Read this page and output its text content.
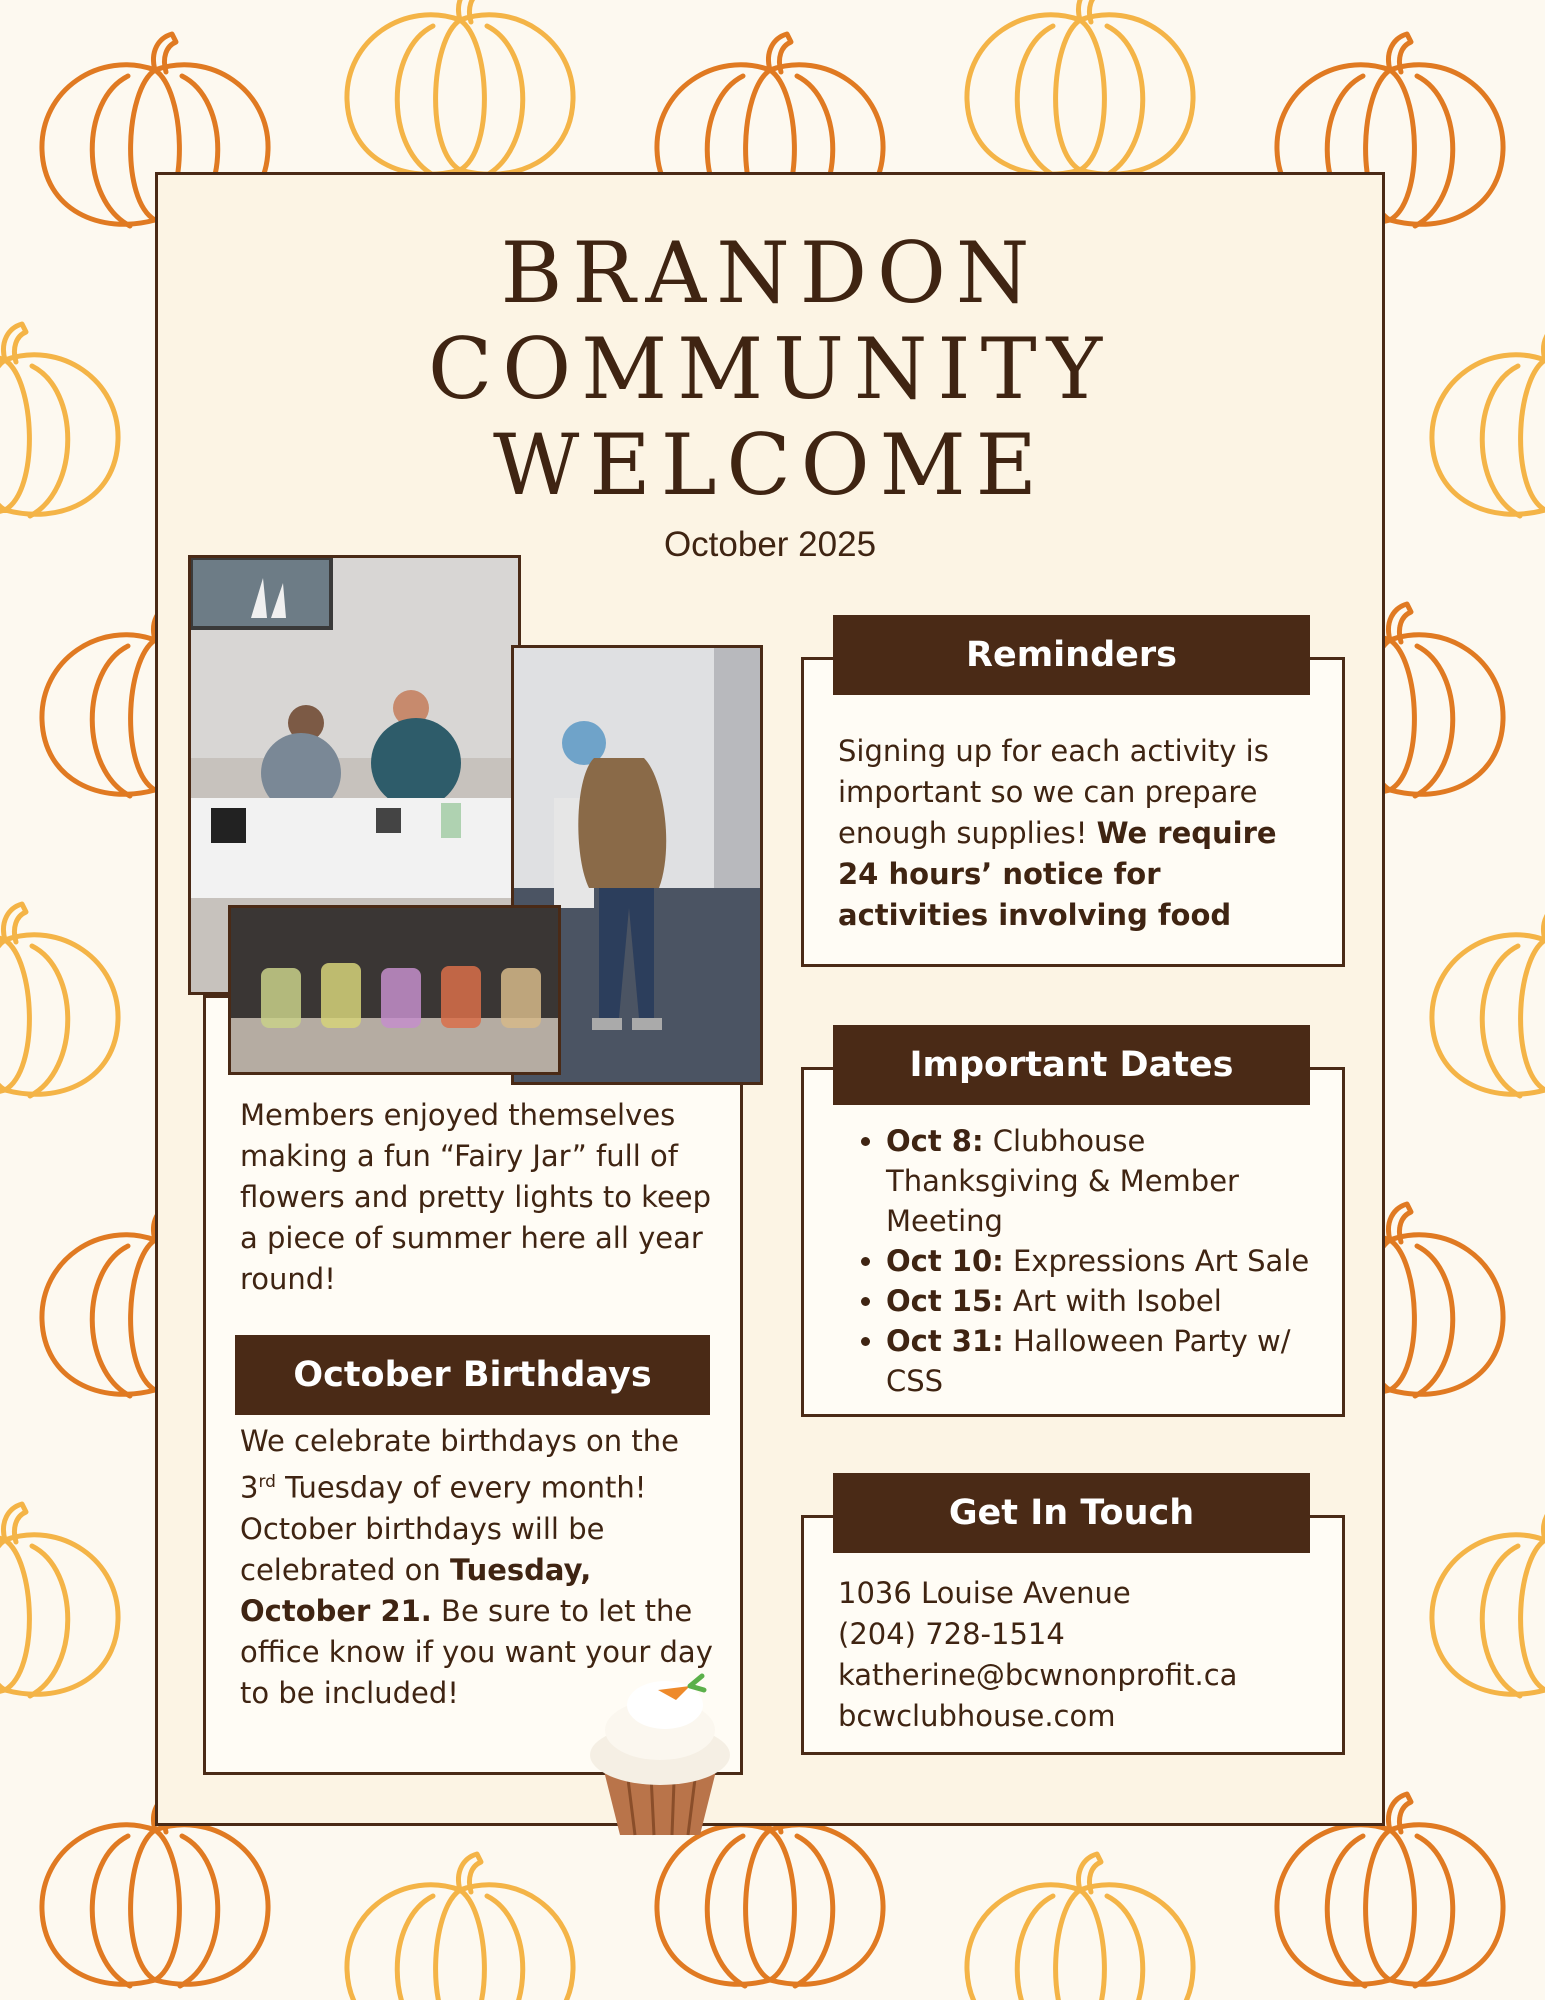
BRANDON
COMMUNITY
WELCOME
October 2025

Members enjoyed themselves making a fun “Fairy Jar” full of flowers and pretty lights to keep a piece of summer here all year round!

October Birthdays

We celebrate birthdays on the 3rd Tuesday of every month! October birthdays will be celebrated on Tuesday, October 21. Be sure to let the office know if you want your day to be included!

Reminders

Signing up for each activity is important so we can prepare enough supplies! We require 24 hours’ notice for activities involving food

Important Dates
• Oct 8: Clubhouse Thanksgiving & Member Meeting
• Oct 10: Expressions Art Sale
• Oct 15: Art with Isobel
• Oct 31: Halloween Party w/ CSS
Get In Touch

1036 Louise Avenue
(204) 728-1514
katherine@bcwnonprofit.ca
bcwclubhouse.com
